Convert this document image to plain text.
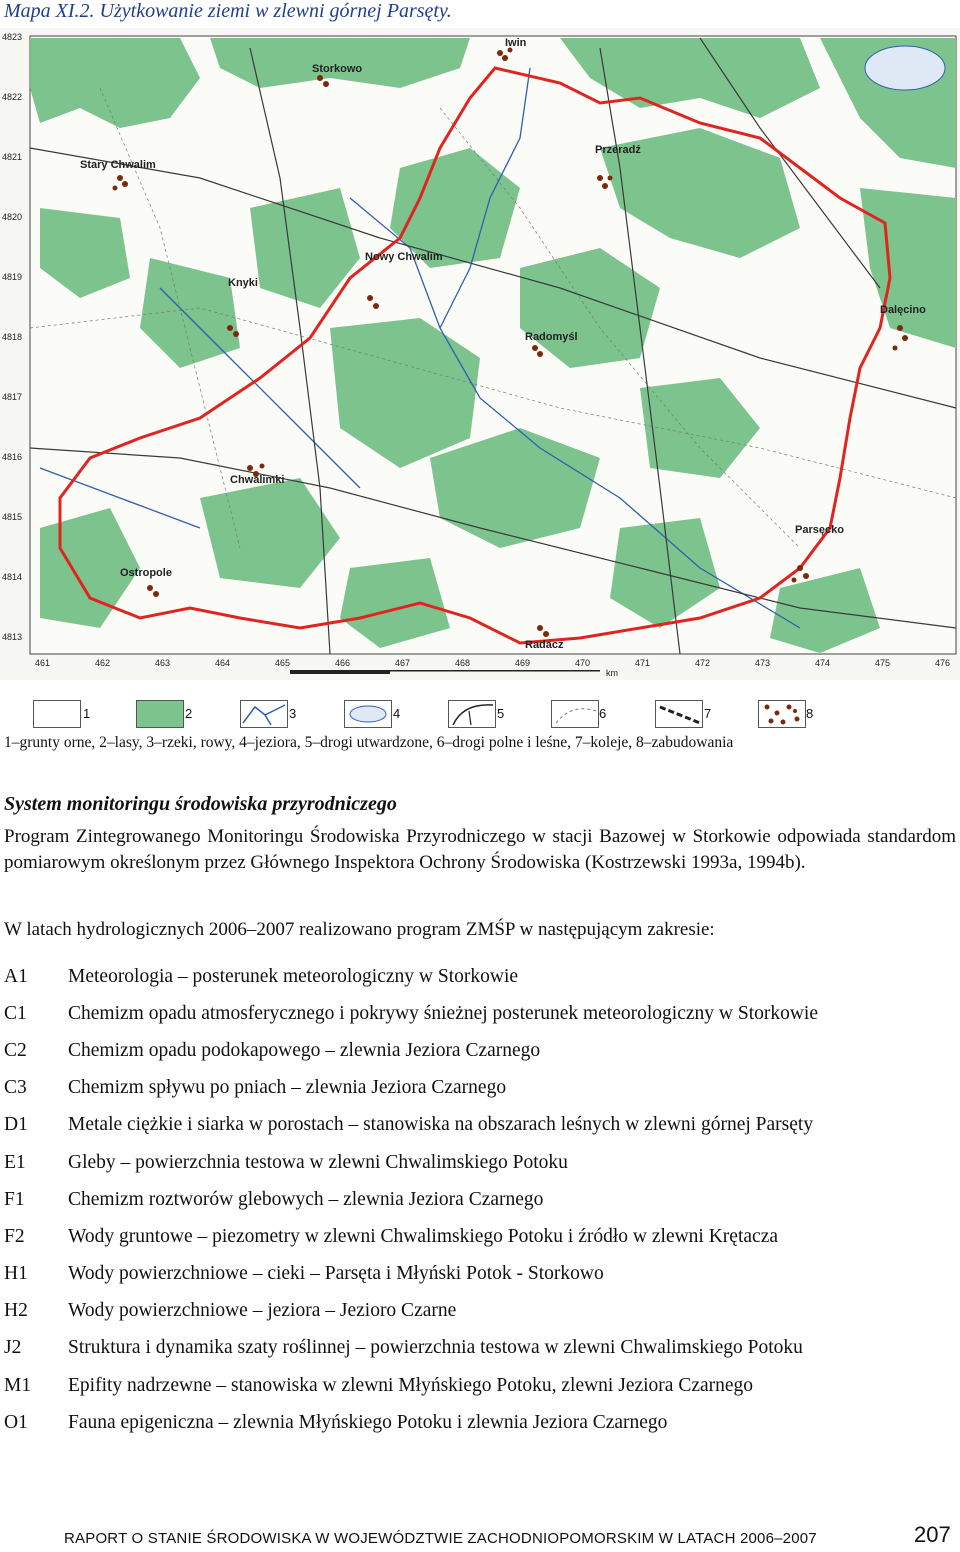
Mapa XI.2. Użytkowanie ziemi w zlewni górnej Parsęty.
Storkowo
Iwin
Stary Chwalim
Nowy Chwalim
Knyki
Przeradź
Radomyśl
Dalęcino
Chwalimki
Ostropole
Parsęcko
Radacz
4823
4822
4821
4820
4819
4818
4817
4816
4815
4814
4813
461	462	463	464	465	466	467	468	469	470	471	472	473	474	475	476
km
1	2	3	4	5	6	7	8
1–grunty orne, 2–lasy, 3–rzeki, rowy, 4–jeziora, 5–drogi utwardzone, 6–drogi polne i leśne, 7–koleje, 8–zabudowania
System monitoringu środowiska przyrodniczego
Program Zintegrowanego Monitoringu Środowiska Przyrodniczego w stacji Bazowej w Storkowie odpowiada standardom pomiarowym określonym przez Głównego Inspektora Ochrony Środowiska (Kostrzewski 1993a, 1994b).
W latach hydrologicznych 2006–2007 realizowano program ZMŚP w następującym zakresie:
A1	Meteorologia – posterunek meteorologiczny w Storkowie
C1	Chemizm opadu atmosferycznego i pokrywy śnieżnej posterunek meteorologiczny w Storkowie
C2	Chemizm opadu podokapowego – zlewnia Jeziora Czarnego
C3	Chemizm spływu po pniach – zlewnia Jeziora Czarnego
D1	Metale ciężkie i siarka w porostach – stanowiska na obszarach leśnych w zlewni górnej Parsęty
E1	Gleby – powierzchnia testowa w zlewni Chwalimskiego Potoku
F1	Chemizm roztworów glebowych – zlewnia Jeziora Czarnego
F2	Wody gruntowe – piezometry w zlewni Chwalimskiego Potoku i źródło w zlewni Krętacza
H1	Wody powierzchniowe – cieki – Parsęta i Młyński Potok - Storkowo
H2	Wody powierzchniowe – jeziora – Jezioro Czarne
J2	Struktura i dynamika szaty roślinnej – powierzchnia testowa w zlewni Chwalimskiego Potoku
M1	Epifity nadrzewne – stanowiska w zlewni Młyńskiego Potoku, zlewni Jeziora Czarnego
O1	Fauna epigeniczna – zlewnia Młyńskiego Potoku i zlewnia Jeziora Czarnego
RAPORT O STANIE ŚRODOWISKA W WOJEWÓDZTWIE ZACHODNIOPOMORSKIM W LATACH 2006–2007	207
